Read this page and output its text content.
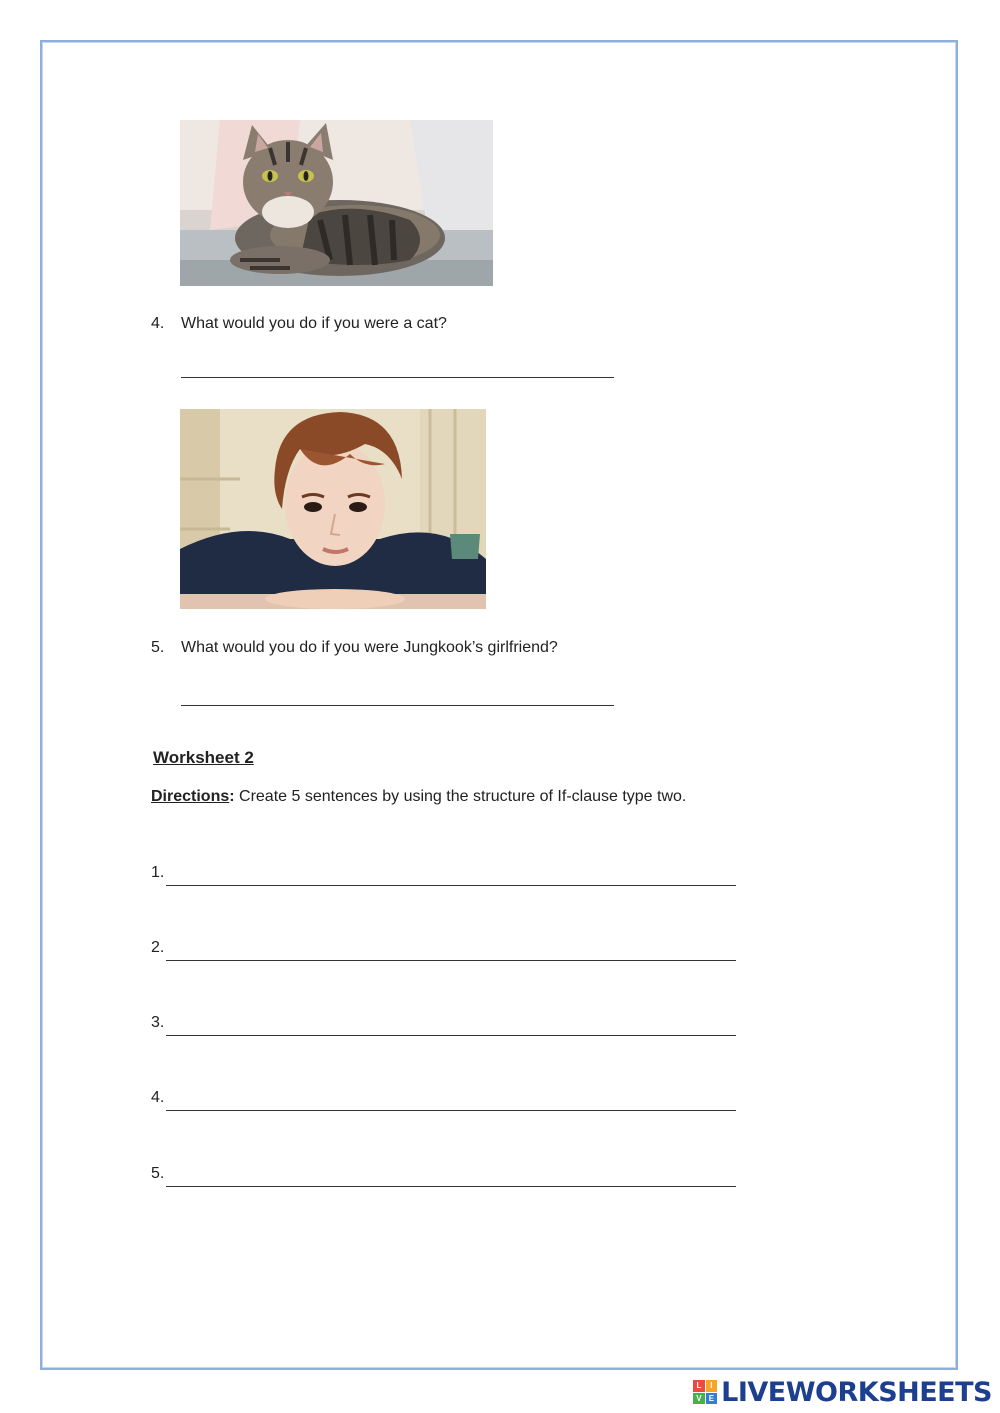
4. What would you do if you were a cat?
5. What would you do if you were Jungkook’s girlfriend?
Worksheet 2
Directions: Create 5 sentences by using the structure of If-clause type two.
1.
2.
3.
4.
5.
L	I
V E LIVEWORKSHEETS
